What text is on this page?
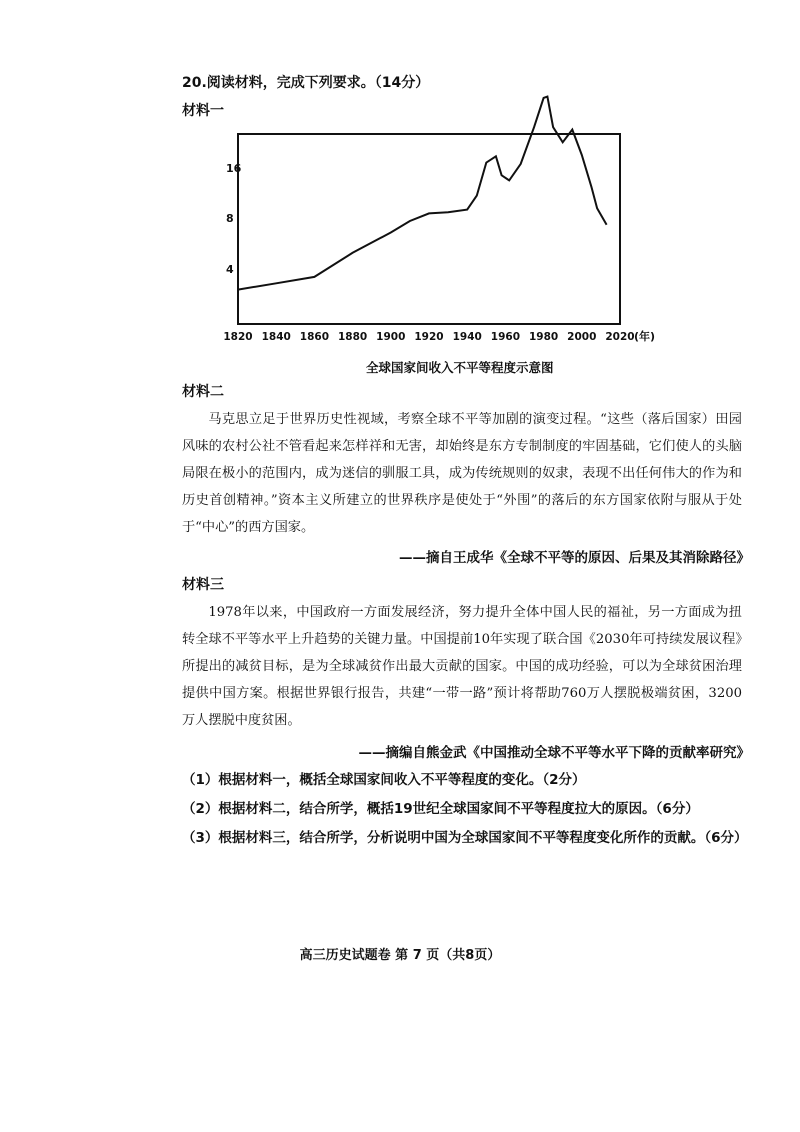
20.阅读材料，完成下列要求。（14分）
材料一
16
8
4
1820 1840 1860 1880 1900 1920 1940 1960 1980 2000 2020 (年)
全球国家间收入不平等程度示意图
材料二

马克思立足于世界历史性视域，考察全球不平等加剧的演变过程。“这些（落后国家）田园风味的农村公社不管看起来怎样祥和无害，却始终是东方专制制度的牢固基础，它们使人的头脑局限在极小的范围内，成为迷信的驯服工具，成为传统规则的奴隶，表现不出任何伟大的作为和历史首创精神。”资本主义所建立的世界秩序是使处于“外围”的落后的东方国家依附与服从于处于“中心”的西方国家。

——摘自王成华《全球不平等的原因、后果及其消除路径》
材料三

1978年以来，中国政府一方面发展经济，努力提升全体中国人民的福祉，另一方面成为扭转全球不平等水平上升趋势的关键力量。中国提前10年实现了联合国《2030年可持续发展议程》所提出的减贫目标，是为全球减贫作出最大贡献的国家。中国的成功经验，可以为全球贫困治理提供中国方案。根据世界银行报告，共建“一带一路”预计将帮助760万人摆脱极端贫困，3200万人摆脱中度贫困。

——摘编自熊金武《中国推动全球不平等水平下降的贡献率研究》
（1）根据材料一，概括全球国家间收入不平等程度的变化。（2分）
（2）根据材料二，结合所学，概括19世纪全球国家间不平等程度拉大的原因。（6分）
（3）根据材料三，结合所学，分析说明中国为全球国家间不平等程度变化所作的贡献。（6分）
高三历史试题卷 第 7 页（共8页）
